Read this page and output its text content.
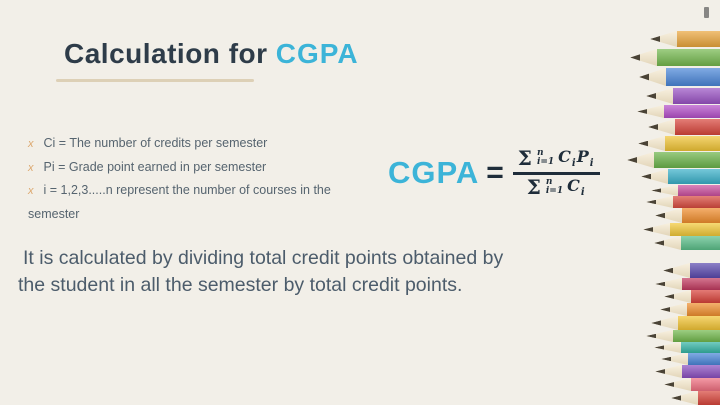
Calculation for CGPA
x Ci = The number of credits per semester
x Pi = Grade point earned in per semester
x i = 1,2,3.....n represent the number of courses in the semester
CGPA = Σ n
i=1 $C_iP_i$
Σ n
i=1 $C_i$
It is calculated by dividing total credit points obtained by the student in all the semester by total credit points.
